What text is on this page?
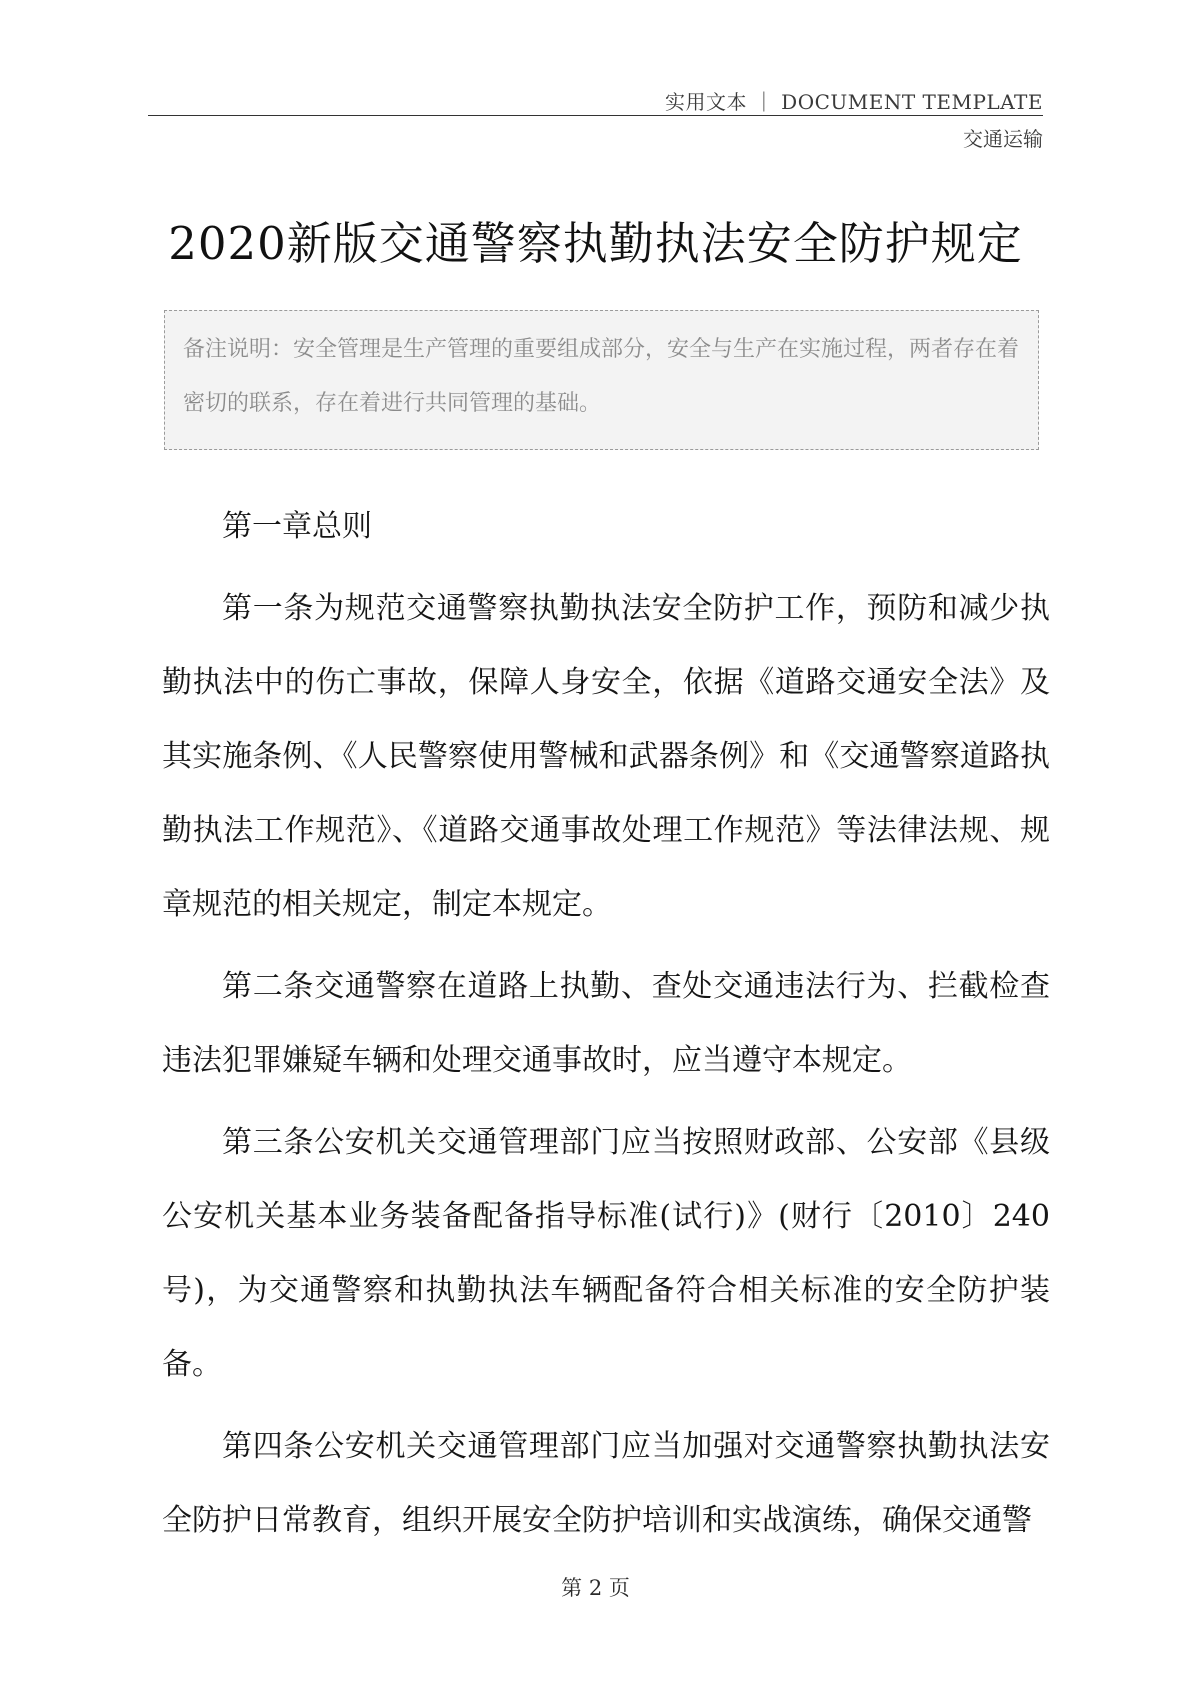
实用文本 ｜ DOCUMENT TEMPLATE
交通运输
2020新版交通警察执勤执法安全防护规定
备注说明：安全管理是生产管理的重要组成部分，安全与生产在实施过程，两者存在着密切的联系，存在着进行共同管理的基础。

第一章总则

第一条为规范交通警察执勤执法安全防护工作，预防和减少执勤执法中的伤亡事故，保障人身安全，依据《道路交通安全法》及其实施条例、《人民警察使用警械和武器条例》和《交通警察道路执勤执法工作规范》、《道路交通事故处理工作规范》等法律法规、规章规范的相关规定，制定本规定。

第二条交通警察在道路上执勤、查处交通违法行为、拦截检查违法犯罪嫌疑车辆和处理交通事故时，应当遵守本规定。

第三条公安机关交通管理部门应当按照财政部、公安部《县级公安机关基本业务装备配备指导标准(试行)》(财行〔2010〕240号)，为交通警察和执勤执法车辆配备符合相关标准的安全防护装备。

第四条公安机关交通管理部门应当加强对交通警察执勤执法安全防护日常教育，组织开展安全防护培训和实战演练，确保交通警

第 2 页
